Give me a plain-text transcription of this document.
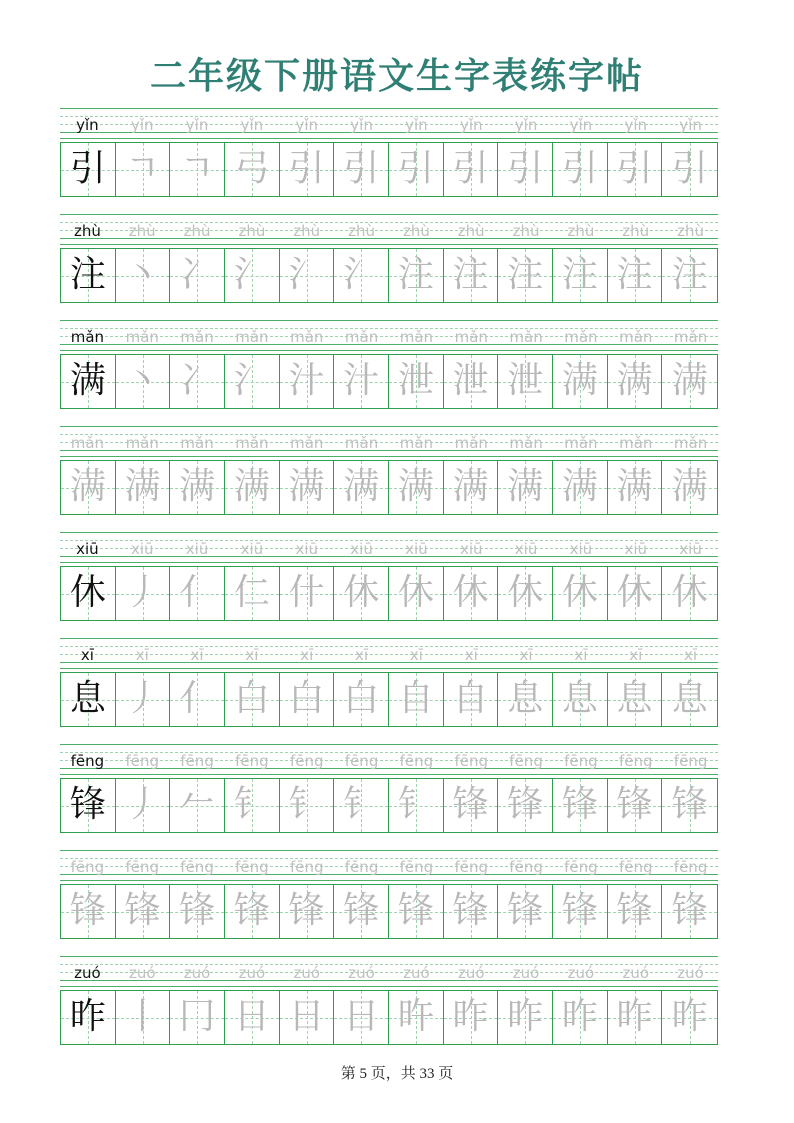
二年级下册语文生字表练字帖
yǐn	yǐn	yǐn	yǐn	yǐn	yǐn	yǐn	yǐn	yǐn	yǐn	yǐn	yǐn
引 ㄱ ㄱ 弓 引 引 引 引 引 引 引 引
zhù	zhù	zhù	zhù	zhù	zhù	zhù	zhù	zhù	zhù	zhù	zhù
注 丶 冫 氵 氵 氵 注 注 注 注 注 注
mǎn	mǎn	mǎn	mǎn	mǎn	mǎn	mǎn	mǎn	mǎn	mǎn	mǎn	mǎn
满 丶 冫 氵 汁 汁 泄 泄 泄 满 满 满
mǎn	mǎn	mǎn	mǎn	mǎn	mǎn	mǎn	mǎn	mǎn	mǎn	mǎn	mǎn
满 满 满 满 满 满 满 满 满 满 满 满
xiū	xiū	xiū	xiū	xiū	xiū	xiū	xiū	xiū	xiū	xiū	xiū
休 丿 亻 仁 什 休 休 休 休 休 休 休
xī	xī	xī	xī	xī	xī	xī	xī	xī	xī	xī	xī
息 丿 亻 白 白 白 自 自 息 息 息 息
fēng	fēng	fēng	fēng	fēng	fēng	fēng	fēng	fēng	fēng	fēng	fēng
锋 丿 𠂉 钅 钅 钅 钅 锋 锋 锋 锋 锋
fēng	fēng	fēng	fēng	fēng	fēng	fēng	fēng	fēng	fēng	fēng	fēng
锋 锋 锋 锋 锋 锋 锋 锋 锋 锋 锋 锋
zuó	zuó	zuó	zuó	zuó	zuó	zuó	zuó	zuó	zuó	zuó	zuó
昨 丨 冂 日 日 日 旿 昨 昨 昨 昨 昨
第 5 页，共 33 页
